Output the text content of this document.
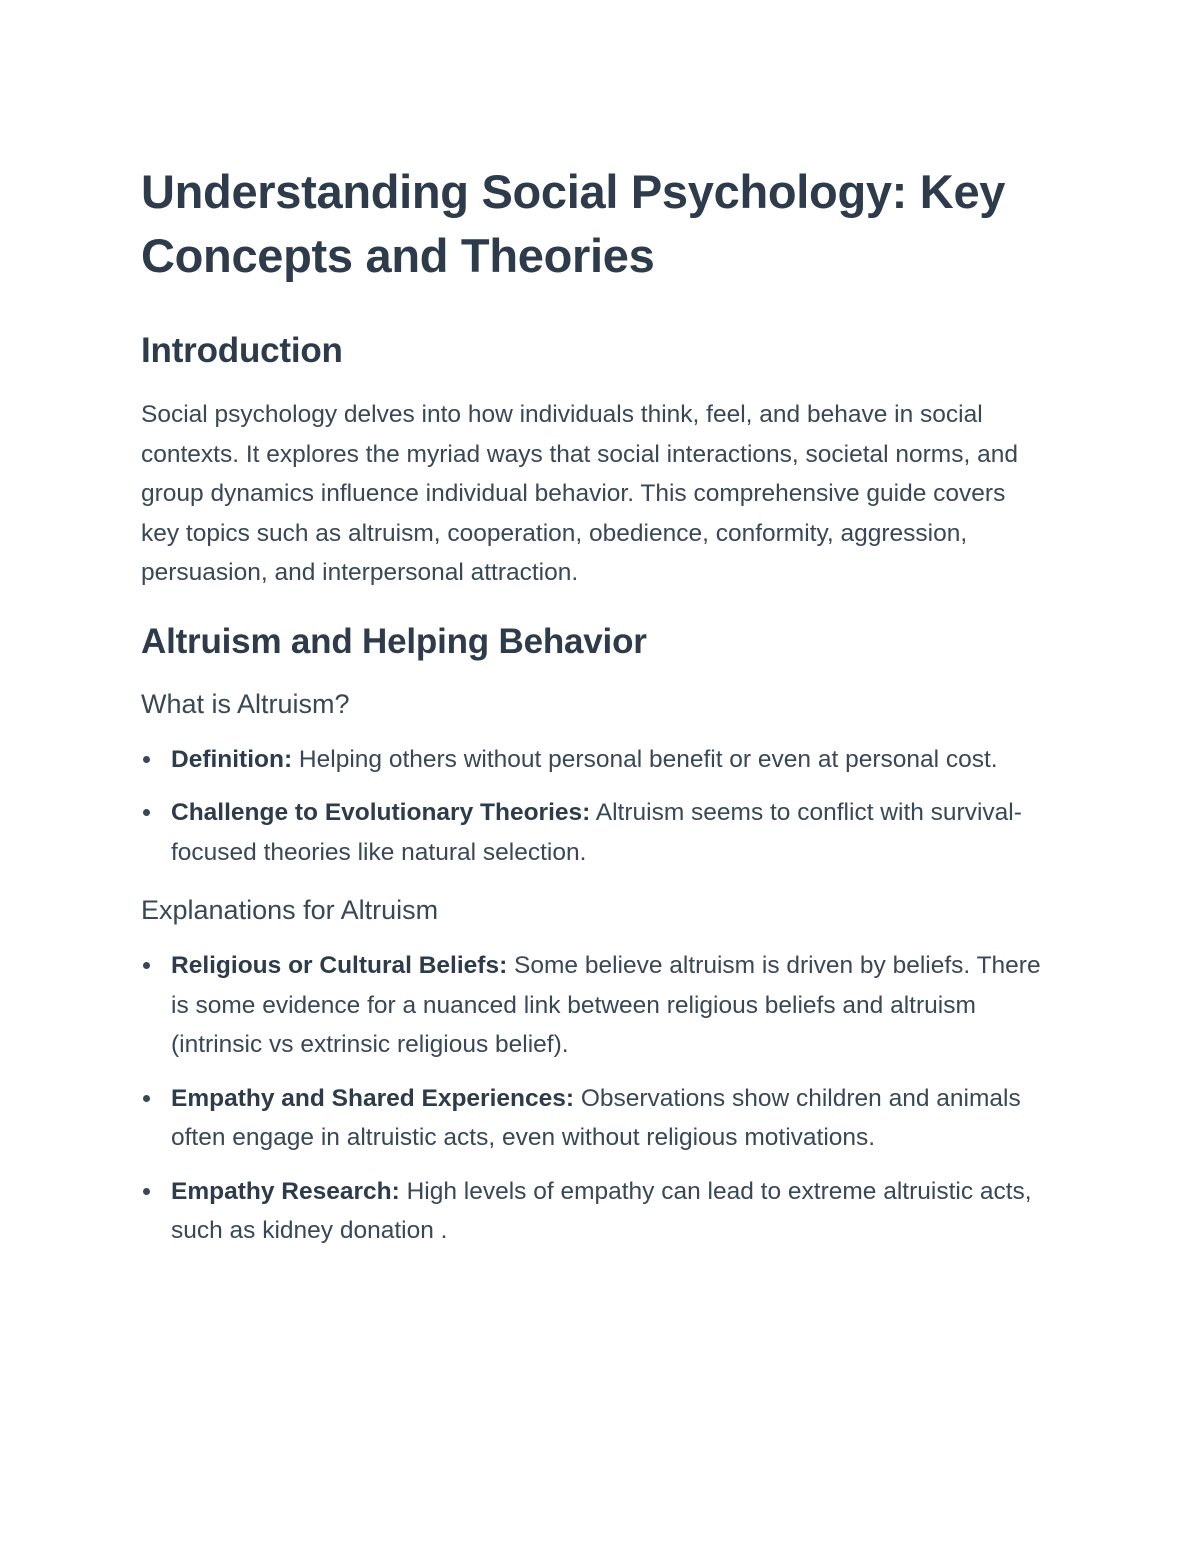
Understanding Social Psychology: Key Concepts and Theories
Introduction

Social psychology delves into how individuals think, feel, and behave in social contexts. It explores the myriad ways that social interactions, societal norms, and group dynamics influence individual behavior. This comprehensive guide covers key topics such as altruism, cooperation, obedience, conformity, aggression, persuasion, and interpersonal attraction.

Altruism and Helping Behavior
What is Altruism?
Definition: Helping others without personal benefit or even at personal cost.
Challenge to Evolutionary Theories: Altruism seems to conflict with survival-focused theories like natural selection.
Explanations for Altruism
Religious or Cultural Beliefs: Some believe altruism is driven by beliefs. There is some evidence for a nuanced link between religious beliefs and altruism (intrinsic vs extrinsic religious belief).
Empathy and Shared Experiences: Observations show children and animals often engage in altruistic acts, even without religious motivations.
Empathy Research: High levels of empathy can lead to extreme altruistic acts, such as kidney donation .
